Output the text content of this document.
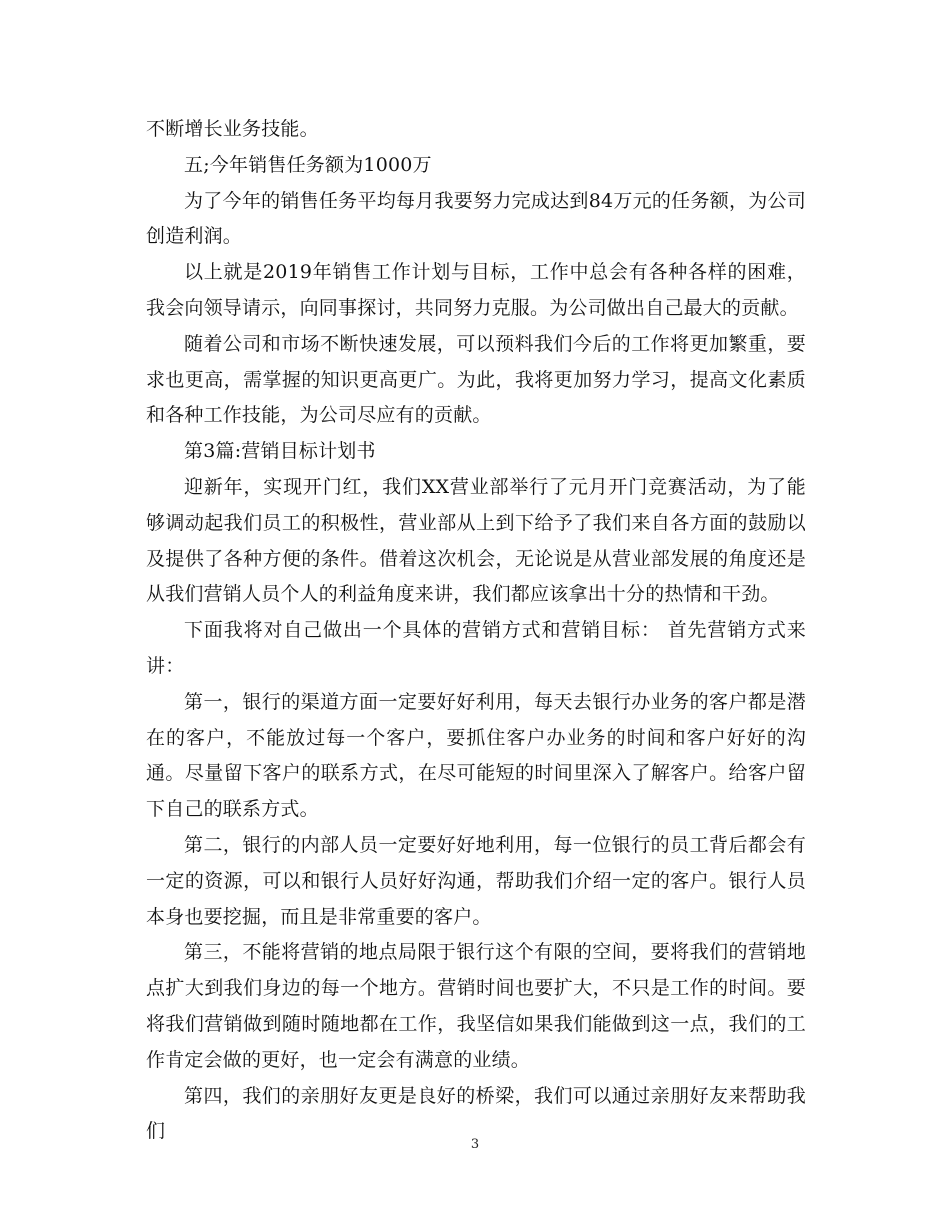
不断增长业务技能。

五;今年销售任务额为1000万

为了今年的销售任务平均每月我要努力完成达到84万元的任务额，为公司创造利润。

以上就是2019年销售工作计划与目标，工作中总会有各种各样的困难，我会向领导请示，向同事探讨，共同努力克服。为公司做出自己最大的贡献。

随着公司和市场不断快速发展，可以预料我们今后的工作将更加繁重，要求也更高，需掌握的知识更高更广。为此，我将更加努力学习，提高文化素质和各种工作技能，为公司尽应有的贡献。

第3篇:营销目标计划书

迎新年，实现开门红，我们XX营业部举行了元月开门竞赛活动，为了能够调动起我们员工的积极性，营业部从上到下给予了我们来自各方面的鼓励以及提供了各种方便的条件。借着这次机会，无论说是从营业部发展的角度还是从我们营销人员个人的利益角度来讲，我们都应该拿出十分的热情和干劲。

下面我将对自己做出一个具体的营销方式和营销目标： 首先营销方式来讲：

第一，银行的渠道方面一定要好好利用，每天去银行办业务的客户都是潜在的客户，不能放过每一个客户，要抓住客户办业务的时间和客户好好的沟通。尽量留下客户的联系方式，在尽可能短的时间里深入了解客户。给客户留下自己的联系方式。

第二，银行的内部人员一定要好好地利用，每一位银行的员工背后都会有一定的资源，可以和银行人员好好沟通，帮助我们介绍一定的客户。银行人员本身也要挖掘，而且是非常重要的客户。

第三，不能将营销的地点局限于银行这个有限的空间，要将我们的营销地点扩大到我们身边的每一个地方。营销时间也要扩大，不只是工作的时间。要将我们营销做到随时随地都在工作，我坚信如果我们能做到这一点，我们的工作肯定会做的更好，也一定会有满意的业绩。

第四，我们的亲朋好友更是良好的桥梁，我们可以通过亲朋好友来帮助我们

3
